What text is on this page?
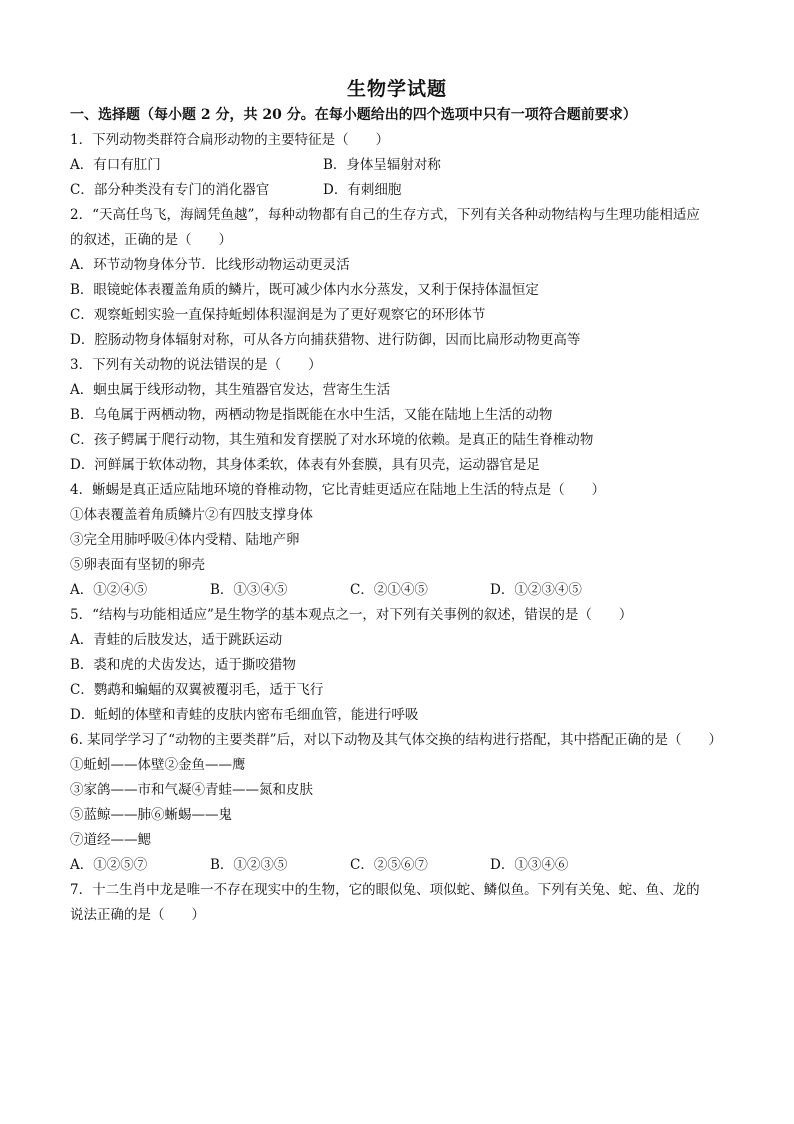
生物学试题
一、选择题（每小题 2 分，共 20 分。在每小题给出的四个选项中只有一项符合题前要求）
1．下列动物类群符合扁形动物的主要特征是（　　）
A．有口有肛门	B．身体呈辐射对称
C．部分种类没有专门的消化器官	D．有刺细胞
2．“天高任鸟飞，海阔凭鱼越”，每种动物都有自己的生存方式，下列有关各种动物结构与生理功能相适应
的叙述，正确的是（　　）
A．环节动物身体分节．比线形动物运动更灵活
B．眼镜蛇体表覆盖角质的鳞片，既可减少体内水分蒸发，又利于保持体温恒定
C．观察蚯蚓实验一直保持蚯蚓体积湿润是为了更好观察它的环形体节
D．腔肠动物身体辐射对称，可从各方向捕获猎物、进行防御，因而比扁形动物更高等
3．下列有关动物的说法错误的是（　　）
A．蛔虫属于线形动物，其生殖器官发达，营寄生生活
B．乌龟属于两栖动物，两栖动物是指既能在水中生活，又能在陆地上生活的动物
C．孩子鳄属于爬行动物，其生殖和发育摆脱了对水环境的依赖。是真正的陆生脊椎动物
D．河鲜属于软体动物，其身体柔软，体表有外套膜，具有贝壳，运动器官是足
4．蜥蜴是真正适应陆地环境的脊椎动物，它比青蛙更适应在陆地上生活的特点是（　　）
①体表覆盖着角质鳞片②有四肢支撑身体
③完全用肺呼吸④体内受精、陆地产卵
⑤卵表面有坚韧的卵壳
A．①②④⑤	B．①③④⑤	C．②①④⑤	D．①②③④⑤
5．“结构与功能相适应”是生物学的基本观点之一，对下列有关事例的叙述，错误的是（　　）
A．青蛙的后肢发达，适于跳跃运动
B．裘和虎的犬齿发达，适于撕咬猎物
C．鹦鹉和蝙蝠的双翼被覆羽毛，适于飞行
D．蚯蚓的体壁和青蛙的皮肤内密布毛细血管，能进行呼吸
6. 某同学学习了“动物的主要类群”后，对以下动物及其气体交换的结构进行搭配，其中搭配正确的是（　　）
①蚯蚓——体壁②金鱼——鹰
③家鸽——市和气凝④青蛙——氮和皮肤
⑤蓝鲸——肺⑥蜥蜴——鬼
⑦道经——鳃
A．①②⑤⑦	B．①②③⑤	C．②⑤⑥⑦	D．①③④⑥
7．十二生肖中龙是唯一不存在现实中的生物，它的眼似兔、项似蛇、鳞似鱼。下列有关兔、蛇、鱼、龙的
说法正确的是（　　）
